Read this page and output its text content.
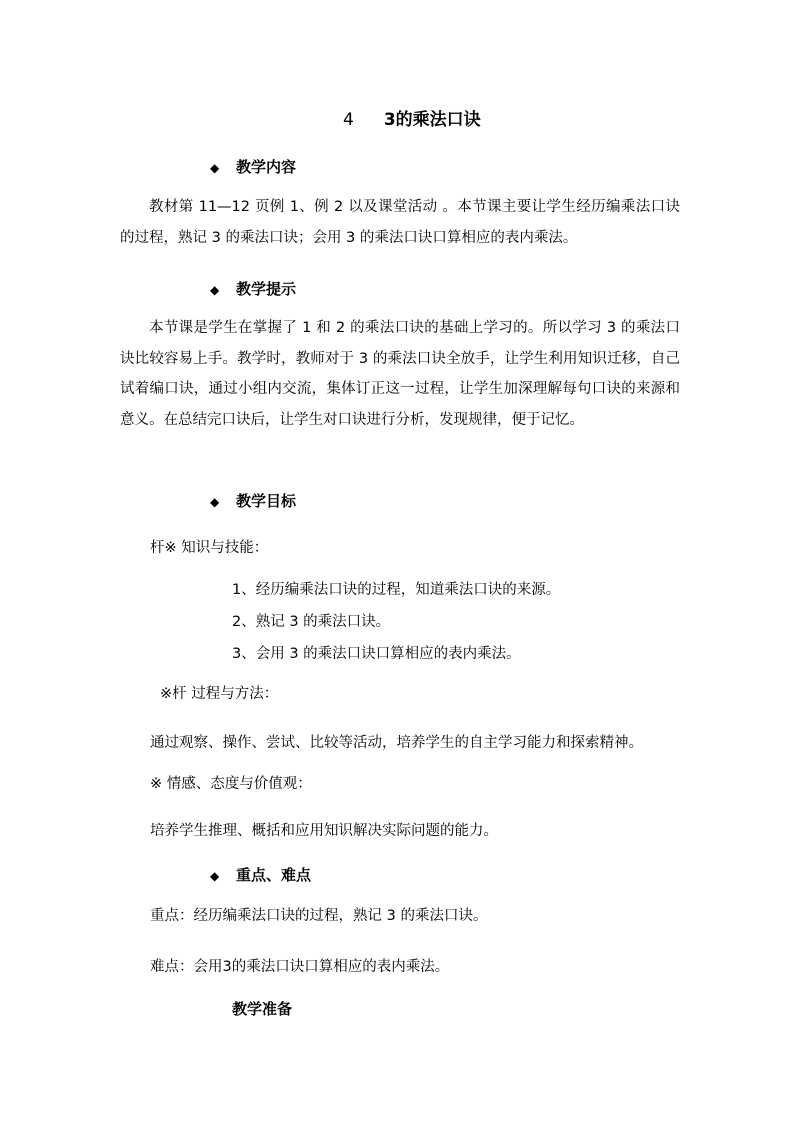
4 3的乘法口诀
◆ 教学内容

教材第 11—12 页例 1、例 2 以及课堂活动 。本节课主要让学生经历编乘法口诀的过程，熟记 3 的乘法口诀；会用 3 的乘法口诀口算相应的表内乘法。

◆ 教学提示

本节课是学生在掌握了 1 和 2 的乘法口诀的基础上学习的。所以学习 3 的乘法口诀比较容易上手。教学时，教师对于 3 的乘法口诀全放手，让学生利用知识迁移，自己试着编口诀，通过小组内交流，集体订正这一过程，让学生加深理解每句口诀的来源和意义。在总结完口诀后，让学生对口诀进行分析，发现规律，便于记忆。

◆ 教学目标
杆※ 知识与技能：
1、经历编乘法口诀的过程，知道乘法口诀的来源。
2、熟记 3 的乘法口诀。
3、会用 3 的乘法口诀口算相应的表内乘法。
※杆 过程与方法：
通过观察、操作、尝试、比较等活动，培养学生的自主学习能力和探索精神。
※ 情感、态度与价值观：
培养学生推理、概括和应用知识解决实际问题的能力。
◆ 重点、难点
重点：经历编乘法口诀的过程，熟记 3 的乘法口诀。
难点：会用3的乘法口诀口算相应的表内乘法。
教学准备
